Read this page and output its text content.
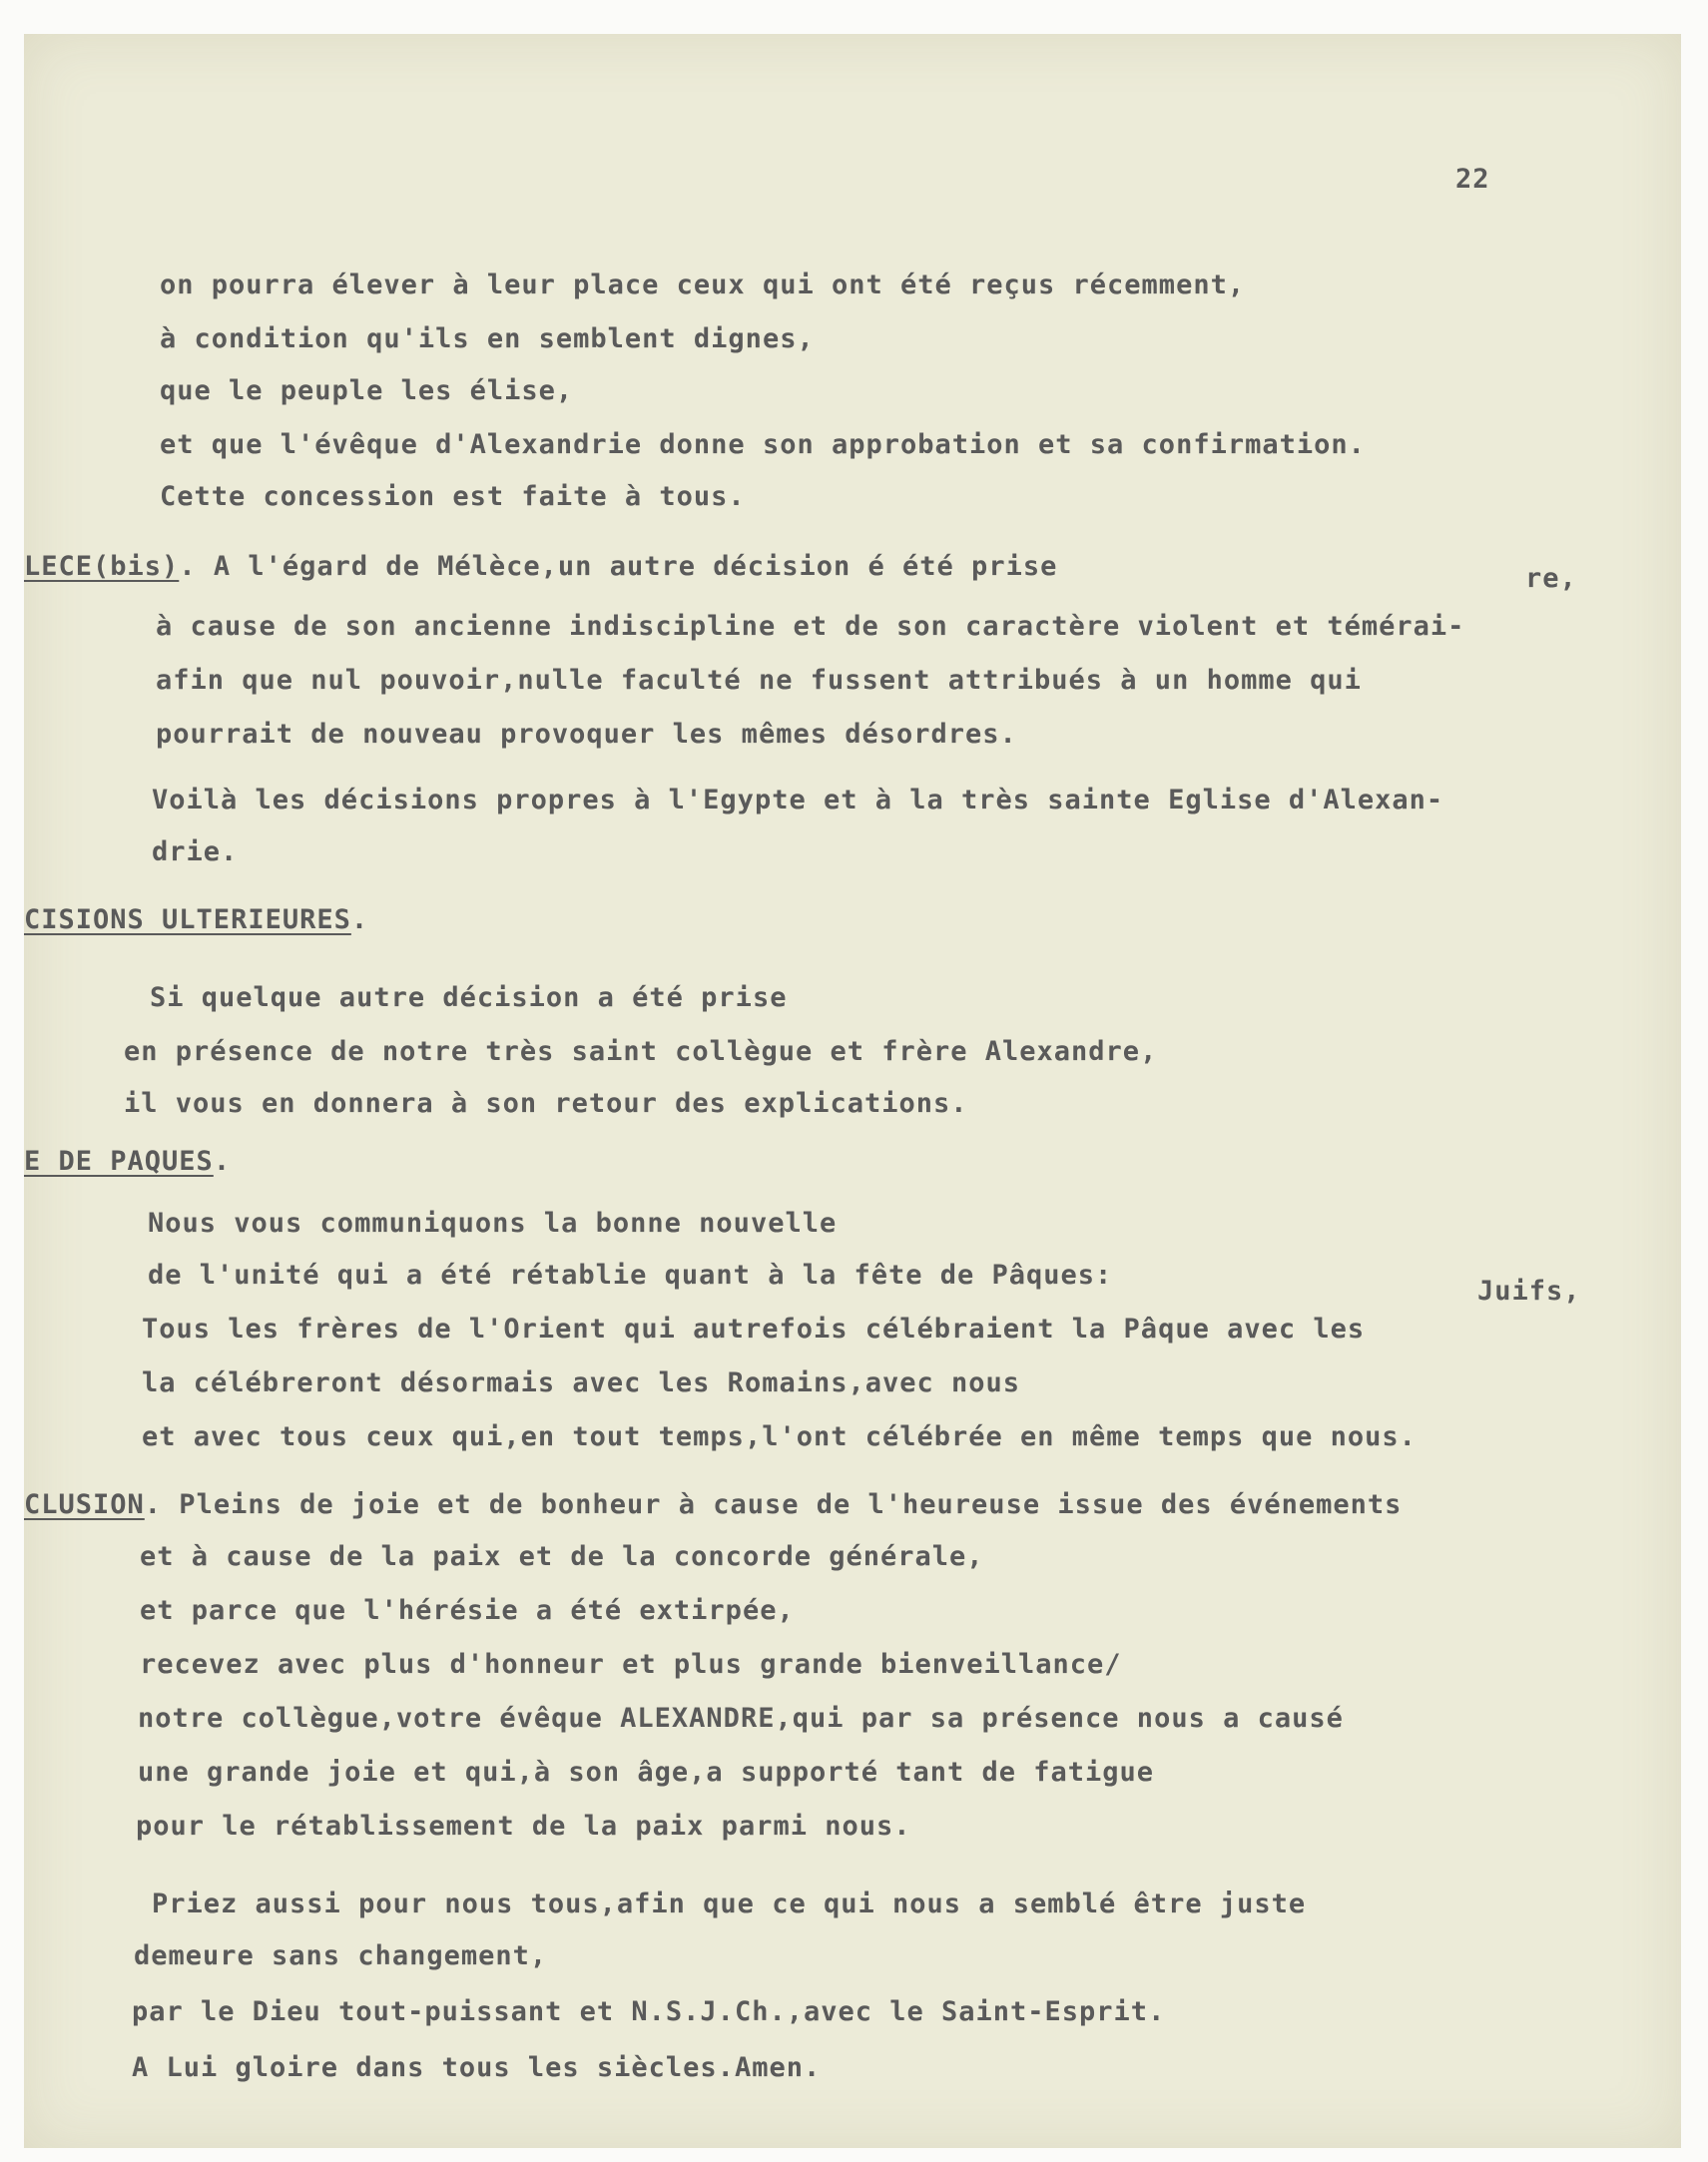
22
on pourra élever à leur place ceux qui ont été reçus récemment,
à condition qu'ils en semblent dignes,
que le peuple les élise,
et que l'évêque d'Alexandrie donne son approbation et sa confirmation.
Cette concession est faite à tous.
LECE(bis). A l'égard de Mélèce,un autre décision é été prise	re,
à cause de son ancienne indiscipline et de son caractère violent et témérai-
afin que nul pouvoir,nulle faculté ne fussent attribués à un homme qui
pourrait de nouveau provoquer les mêmes désordres.
Voilà les décisions propres à l'Egypte et à la très sainte Eglise d'Alexan-
drie.
CISIONS ULTERIEURES.
Si quelque autre décision a été prise
en présence de notre très saint collègue et frère Alexandre,
il vous en donnera à son retour des explications.
E DE PAQUES.
Nous vous communiquons la bonne nouvelle
de l'unité qui a été rétablie quant à la fête de Pâques:
Juifs,
Tous les frères de l'Orient qui autrefois célébraient la Pâque avec les
la célébreront désormais avec les Romains,avec nous
et avec tous ceux qui,en tout temps,l'ont célébrée en même temps que nous.
CLUSION. Pleins de joie et de bonheur à cause de l'heureuse issue des événements
et à cause de la paix et de la concorde générale,
et parce que l'hérésie a été extirpée,
recevez avec plus d'honneur et plus grande bienveillance/
notre collègue,votre évêque ALEXANDRE,qui par sa présence nous a causé
une grande joie et qui,à son âge,a supporté tant de fatigue
pour le rétablissement de la paix parmi nous.
Priez aussi pour nous tous,afin que ce qui nous a semblé être juste
demeure sans changement,
par le Dieu tout-puissant et N.S.J.Ch.,avec le Saint-Esprit.
A Lui gloire dans tous les siècles.Amen.
